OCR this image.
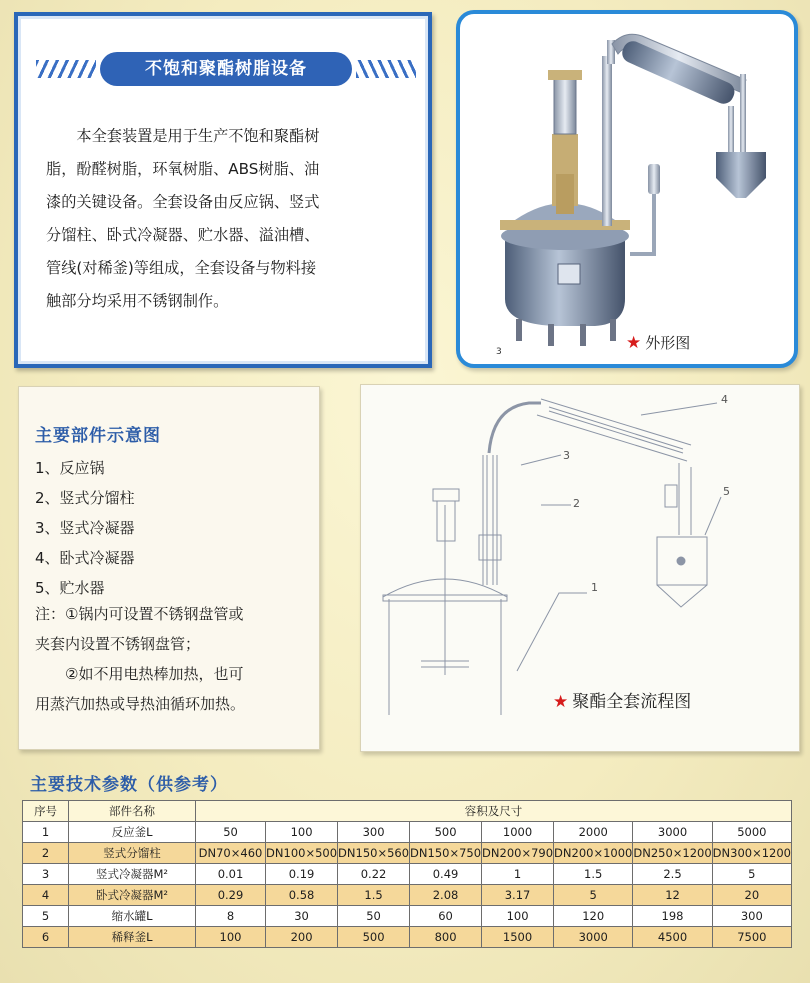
不饱和聚酯树脂设备
本全套装置是用于生产不饱和聚酯树
脂，酚醛树脂，环氧树脂、ABS树脂、油
漆的关键设备。全套设备由反应锅、竖式
分馏柱、卧式冷凝器、贮水器、溢油槽、
管线(对稀釜)等组成，全套设备与物料接
触部分均采用不锈钢制作。
3	★ 外形图
主要部件示意图
1、反应锅
2、竖式分馏柱
3、竖式冷凝器
4、卧式冷凝器
5、贮水器
注：①锅内可设置不锈钢盘管或
夹套内设置不锈钢盘管；
　　②如不用电热棒加热，也可
用蒸汽加热或导热油循环加热。
1
2
3
4
5
★ 聚酯全套流程图
主要技术参数（供参考）
序号	部件名称	容积及尺寸							
1	反应釜L	50	100	300	500	1000	2000	3000	5000
2	竖式分馏柱	DN70×460	DN100×500	DN150×560	DN150×750	DN200×790	DN200×1000	DN250×1200	DN300×1200
3	竖式冷凝器M²	0.01	0.19	0.22	0.49	1	1.5	2.5	5
4	卧式冷凝器M²	0.29	0.58	1.5	2.08	3.17	5	12	20
5	缩水罐L	8	30	50	60	100	120	198	300
6	稀释釜L	100	200	500	800	1500	3000	4500	7500
